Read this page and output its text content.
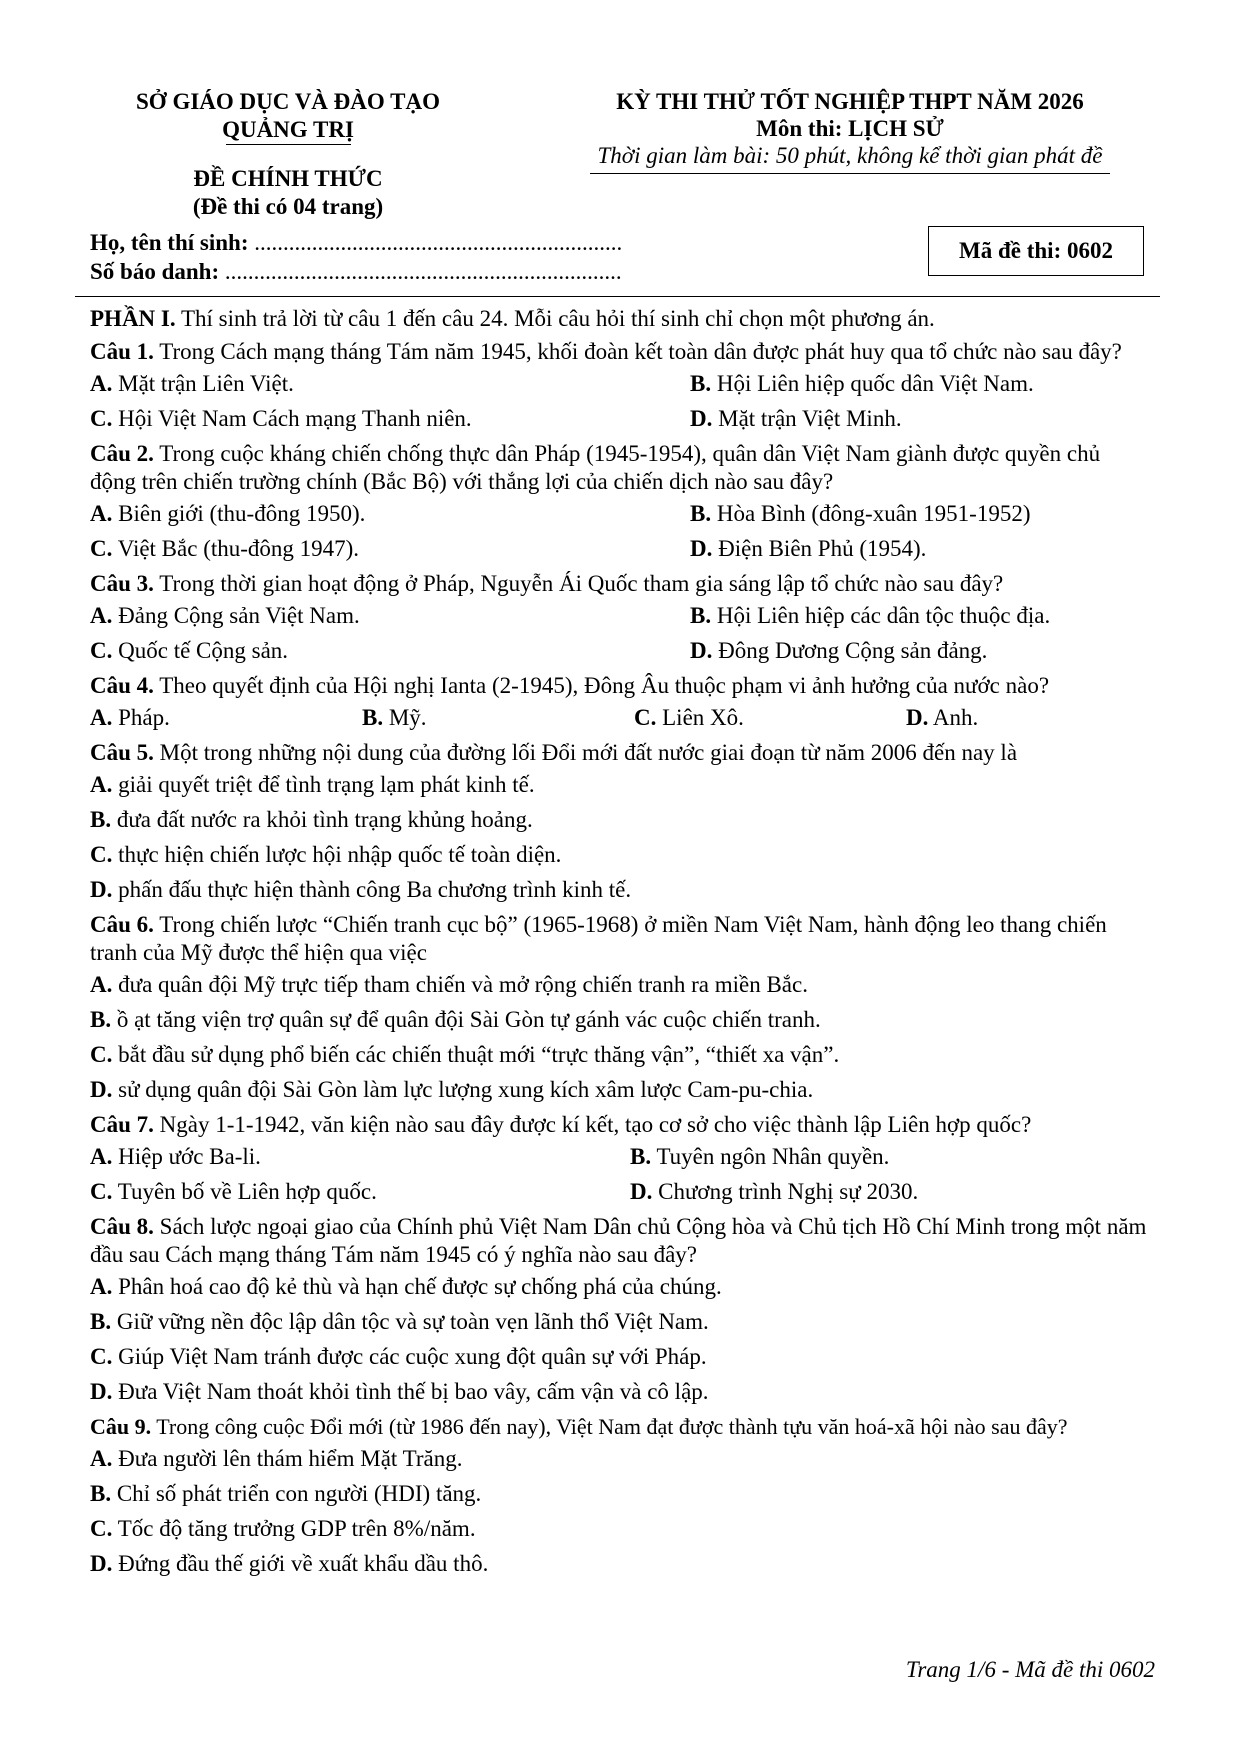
SỞ GIÁO DỤC VÀ ĐÀO TẠO
QUẢNG TRỊ
ĐỀ CHÍNH THỨC
(Đề thi có 04 trang)
KỲ THI THỬ TỐT NGHIỆP THPT NĂM 2026
Môn thi: LỊCH SỬ
Thời gian làm bài: 50 phút, không kể thời gian phát đề
Họ, tên thí sinh: ................................................................
Số báo danh: .....................................................................
Mã đề thi: 0602
PHẦN I. Thí sinh trả lời từ câu 1 đến câu 24. Mỗi câu hỏi thí sinh chỉ chọn một phương án.
Câu 1. Trong Cách mạng tháng Tám năm 1945, khối đoàn kết toàn dân được phát huy qua tổ chức nào sau đây?
A. Mặt trận Liên Việt.	B. Hội Liên hiệp quốc dân Việt Nam.
C. Hội Việt Nam Cách mạng Thanh niên.	D. Mặt trận Việt Minh.
Câu 2. Trong cuộc kháng chiến chống thực dân Pháp (1945-1954), quân dân Việt Nam giành được quyền chủ động trên chiến trường chính (Bắc Bộ) với thắng lợi của chiến dịch nào sau đây?
A. Biên giới (thu-đông 1950).	B. Hòa Bình (đông-xuân 1951-1952)
C. Việt Bắc (thu-đông 1947).	D. Điện Biên Phủ (1954).
Câu 3. Trong thời gian hoạt động ở Pháp, Nguyễn Ái Quốc tham gia sáng lập tổ chức nào sau đây?
A. Đảng Cộng sản Việt Nam.	B. Hội Liên hiệp các dân tộc thuộc địa.
C. Quốc tế Cộng sản.	D. Đông Dương Cộng sản đảng.
Câu 4. Theo quyết định của Hội nghị Ianta (2-1945), Đông Âu thuộc phạm vi ảnh hưởng của nước nào?
A. Pháp.	B. Mỹ.	C. Liên Xô.	D. Anh.
Câu 5. Một trong những nội dung của đường lối Đổi mới đất nước giai đoạn từ năm 2006 đến nay là
A. giải quyết triệt để tình trạng lạm phát kinh tế.
B. đưa đất nước ra khỏi tình trạng khủng hoảng.
C. thực hiện chiến lược hội nhập quốc tế toàn diện.
D. phấn đấu thực hiện thành công Ba chương trình kinh tế.
Câu 6. Trong chiến lược “Chiến tranh cục bộ” (1965-1968) ở miền Nam Việt Nam, hành động leo thang chiến tranh của Mỹ được thể hiện qua việc
A. đưa quân đội Mỹ trực tiếp tham chiến và mở rộng chiến tranh ra miền Bắc.
B. ồ ạt tăng viện trợ quân sự để quân đội Sài Gòn tự gánh vác cuộc chiến tranh.
C. bắt đầu sử dụng phổ biến các chiến thuật mới “trực thăng vận”, “thiết xa vận”.
D. sử dụng quân đội Sài Gòn làm lực lượng xung kích xâm lược Cam-pu-chia.
Câu 7. Ngày 1-1-1942, văn kiện nào sau đây được kí kết, tạo cơ sở cho việc thành lập Liên hợp quốc?
A. Hiệp ước Ba-li.	B. Tuyên ngôn Nhân quyền.
C. Tuyên bố về Liên hợp quốc.	D. Chương trình Nghị sự 2030.
Câu 8. Sách lược ngoại giao của Chính phủ Việt Nam Dân chủ Cộng hòa và Chủ tịch Hồ Chí Minh trong một năm đầu sau Cách mạng tháng Tám năm 1945 có ý nghĩa nào sau đây?
A. Phân hoá cao độ kẻ thù và hạn chế được sự chống phá của chúng.
B. Giữ vững nền độc lập dân tộc và sự toàn vẹn lãnh thổ Việt Nam.
C. Giúp Việt Nam tránh được các cuộc xung đột quân sự với Pháp.
D. Đưa Việt Nam thoát khỏi tình thế bị bao vây, cấm vận và cô lập.
Câu 9. Trong công cuộc Đổi mới (từ 1986 đến nay), Việt Nam đạt được thành tựu văn hoá-xã hội nào sau đây?
A. Đưa người lên thám hiểm Mặt Trăng.
B. Chỉ số phát triển con người (HDI) tăng.
C. Tốc độ tăng trưởng GDP trên 8%/năm.
D. Đứng đầu thế giới về xuất khẩu dầu thô.
Trang 1/6 - Mã đề thi 0602
